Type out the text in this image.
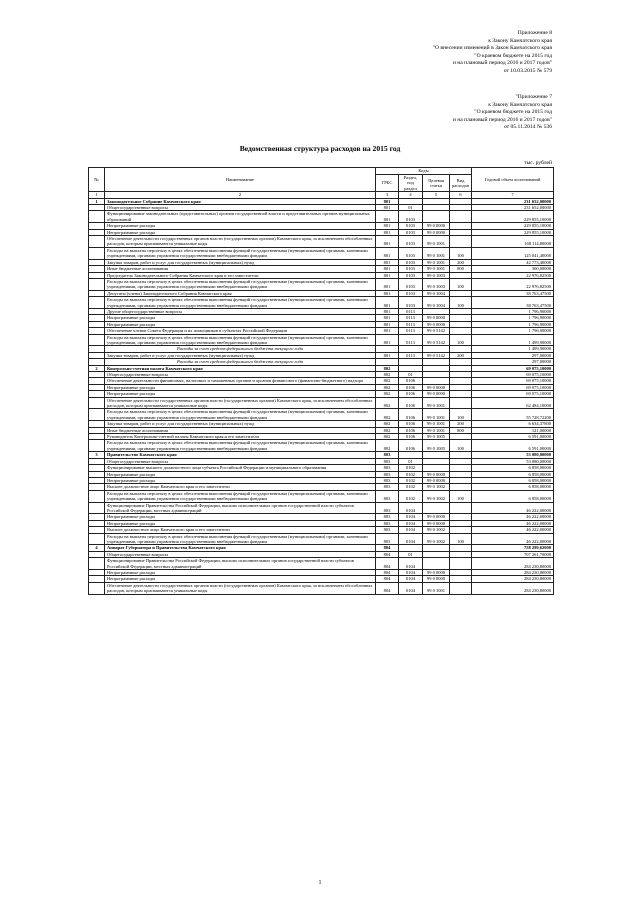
Приложение 8
к Закону Камчатского края
"О внесении изменений в Закон Камчатского края
"О краевом бюджете на 2015 год
и на плановый период 2016 и 2017 годов"
от 10.03.2015 № 579
"Приложение 7
к Закону Камчатского края
"О краевом бюджете на 2015 год
и на плановый период 2016 и 2017 годов"
от 05.11.2014 № 536
Ведомственная структура расходов на 2015 год
тыс. рублей
№	Наименование	Коды				Годовой объем ассигнований
		ГРБС	Раздел, под раздел	Целевая статья	Вид расходов	
1	2	3	4	5	6	7
1	Законодательное Собрание Камчатского края	801				231 652,00000
	Общегосударственные вопросы	801	01			231 652,00000
	Функционирование законодательных (представительных) органов государственной власти и представительных органов муниципальных образований	801	0103			229 855,10000
	Непрограммные расходы	801	0103	99 0 0000		229 855,10000
	Непрограммные расходы	801	0103	99 0 0000		229 855,10000
	Обеспечение деятельности государственных органов власти (государственных органов) Камчатского края, за исключением обособленных расходов, которым присваиваются уникальные коды	801	0103	99 0 1001		168 114,80000
	Расходы на выплаты персоналу в целях обеспечения выполнения функций государственными (муниципальными) органами, казенными учреждениями, органами управления государственными внебюджетными фондами	801	0103	99 0 1001	100	125 041,40000
	Закупка товаров, работ и услуг для государственных (муниципальных) нужд	801	0103	99 0 1001	200	42 773,40000
	Иные бюджетные ассигнования	801	0103	99 0 1001	800	300,00000
	Председатель Законодательного Собрания Камчатского края и его заместители	801	0103	99 0 1003		22 976,82500
	Расходы на выплаты персоналу в целях обеспечения выполнения функций государственными (муниципальными) органами, казенными учреждениями, органами управления государственными внебюджетными фондами	801	0103	99 0 1003	100	22 976,82500
	Депутаты (члены) Законодательного Собрания Камчатского края	801	0103	99 0 1004		38 763,47500
	Расходы на выплаты персоналу в целях обеспечения выполнения функций государственными (муниципальными) органами, казенными учреждениями, органами управления государственными внебюджетными фондами	801	0103	99 0 1004	100	38 763,47500
	Другие общегосударственные вопросы	801	0113			1 796,90000
	Непрограммные расходы	801	0113	99 0 0000		1 796,90000
	Непрограммные расходы	801	0113	99 0 0000		1 796,90000
	Обеспечение членов Совета Федерации и их помощников в субъектах Российской Федерации	801	0113	99 0 5142		1 796,90000
	Расходы на выплаты персоналу в целях обеспечения выполнения функций государственными (муниципальными) органами, казенными учреждениями, органами управления государственными внебюджетными фондами	801	0113	99 0 5142	100	1 499,90000
	Расходы за счет средств федерального бюджета текущего года					1 499,90000
	Закупка товаров, работ и услуг для государственных (муниципальных) нужд	801	0113	99 0 5142	200	297,00000
	Расходы за счет средств федерального бюджета текущего года					297,00000
2	Контрольно-счетная палата Камчатского края	802				69 075,10000
	Общегосударственные вопросы	802	01			69 075,10000
	Обеспечение деятельности финансовых, налоговых и таможенных органов и органов финансового (финансово-бюджетного) надзора	802	0106			69 075,10000
	Непрограммные расходы	802	0106	99 0 0000		69 075,10000
	Непрограммные расходы	802	0106	99 0 0000		69 075,10000
	Обеспечение деятельности государственных органов власти (государственных органов) Камчатского края, за исключением обособленных расходов, которым присваиваются уникальные коды	802	0106	99 0 1001		62 484,10000
	Расходы на выплаты персоналу в целях обеспечения выполнения функций государственными (муниципальными) органами, казенными учреждениями, органами управления государственными внебюджетными фондами	802	0106	99 0 1001	100	55 728,72200
	Закупка товаров, работ и услуг для государственных (муниципальных) нужд	802	0106	99 0 1001	200	6 634,37800
	Иные бюджетные ассигнования	802	0106	99 0 1001	800	121,00000
	Руководитель Контрольно-счетной палаты Камчатского края и его заместители	802	0106	99 0 1005		6 591,00000
	Расходы на выплаты персоналу в целях обеспечения выполнения функций государственными (муниципальными) органами, казенными учреждениями, органами управления государственными внебюджетными фондами	802	0106	99 0 1005	100	6 591,00000
3	Правительство Камчатского края	803				53 080,00000
	Общегосударственные вопросы	803	01			53 080,00000
	Функционирование высшего должностного лица субъекта Российской Федерации и муниципального образования	803	0102			6 858,00000
	Непрограммные расходы	803	0102	99 0 0000		6 858,00000
	Непрограммные расходы	803	0102	99 0 0000		6 858,00000
	Высшее должностное лицо Камчатского края и его заместители	803	0102	99 0 1002		6 858,00000
	Расходы на выплаты персоналу в целях обеспечения выполнения функций государственными (муниципальными) органами, казенными учреждениями, органами управления государственными внебюджетными фондами	803	0102	99 0 1002	100	6 858,00000
	Функционирование Правительства Российской Федерации, высших исполнительных органов государственной власти субъектов Российской Федерации, местных администраций	803	0104			46 222,00000
	Непрограммные расходы	803	0104	99 0 0000		46 222,00000
	Непрограммные расходы	803	0104	99 0 0000		46 222,00000
	Высшее должностное лицо Камчатского края и его заместители	803	0104	99 0 1002		46 222,00000
	Расходы на выплаты персоналу в целях обеспечения выполнения функций государственными (муниципальными) органами, казенными учреждениями, органами управления государственными внебюджетными фондами	803	0104	99 0 1002	100	46 222,00000
4	Аппарат Губернатора и Правительства Камчатского края	804				758 299,62000
	Общегосударственные вопросы	804	01			707 261,70000
	Функционирование Правительства Российской Федерации, высших исполнительных органов государственной власти субъектов Российской Федерации, местных администраций	804	0104			284 230,80000
	Непрограммные расходы	804	0104	99 0 0000		284 230,80000
	Непрограммные расходы	804	0104	99 0 0000		284 230,80000
	Обеспечение деятельности государственных органов власти (государственных органов) Камчатского края, за исключением обособленных расходов, которым присваиваются уникальные коды	804	0104	99 0 1001		284 230,80000
1
